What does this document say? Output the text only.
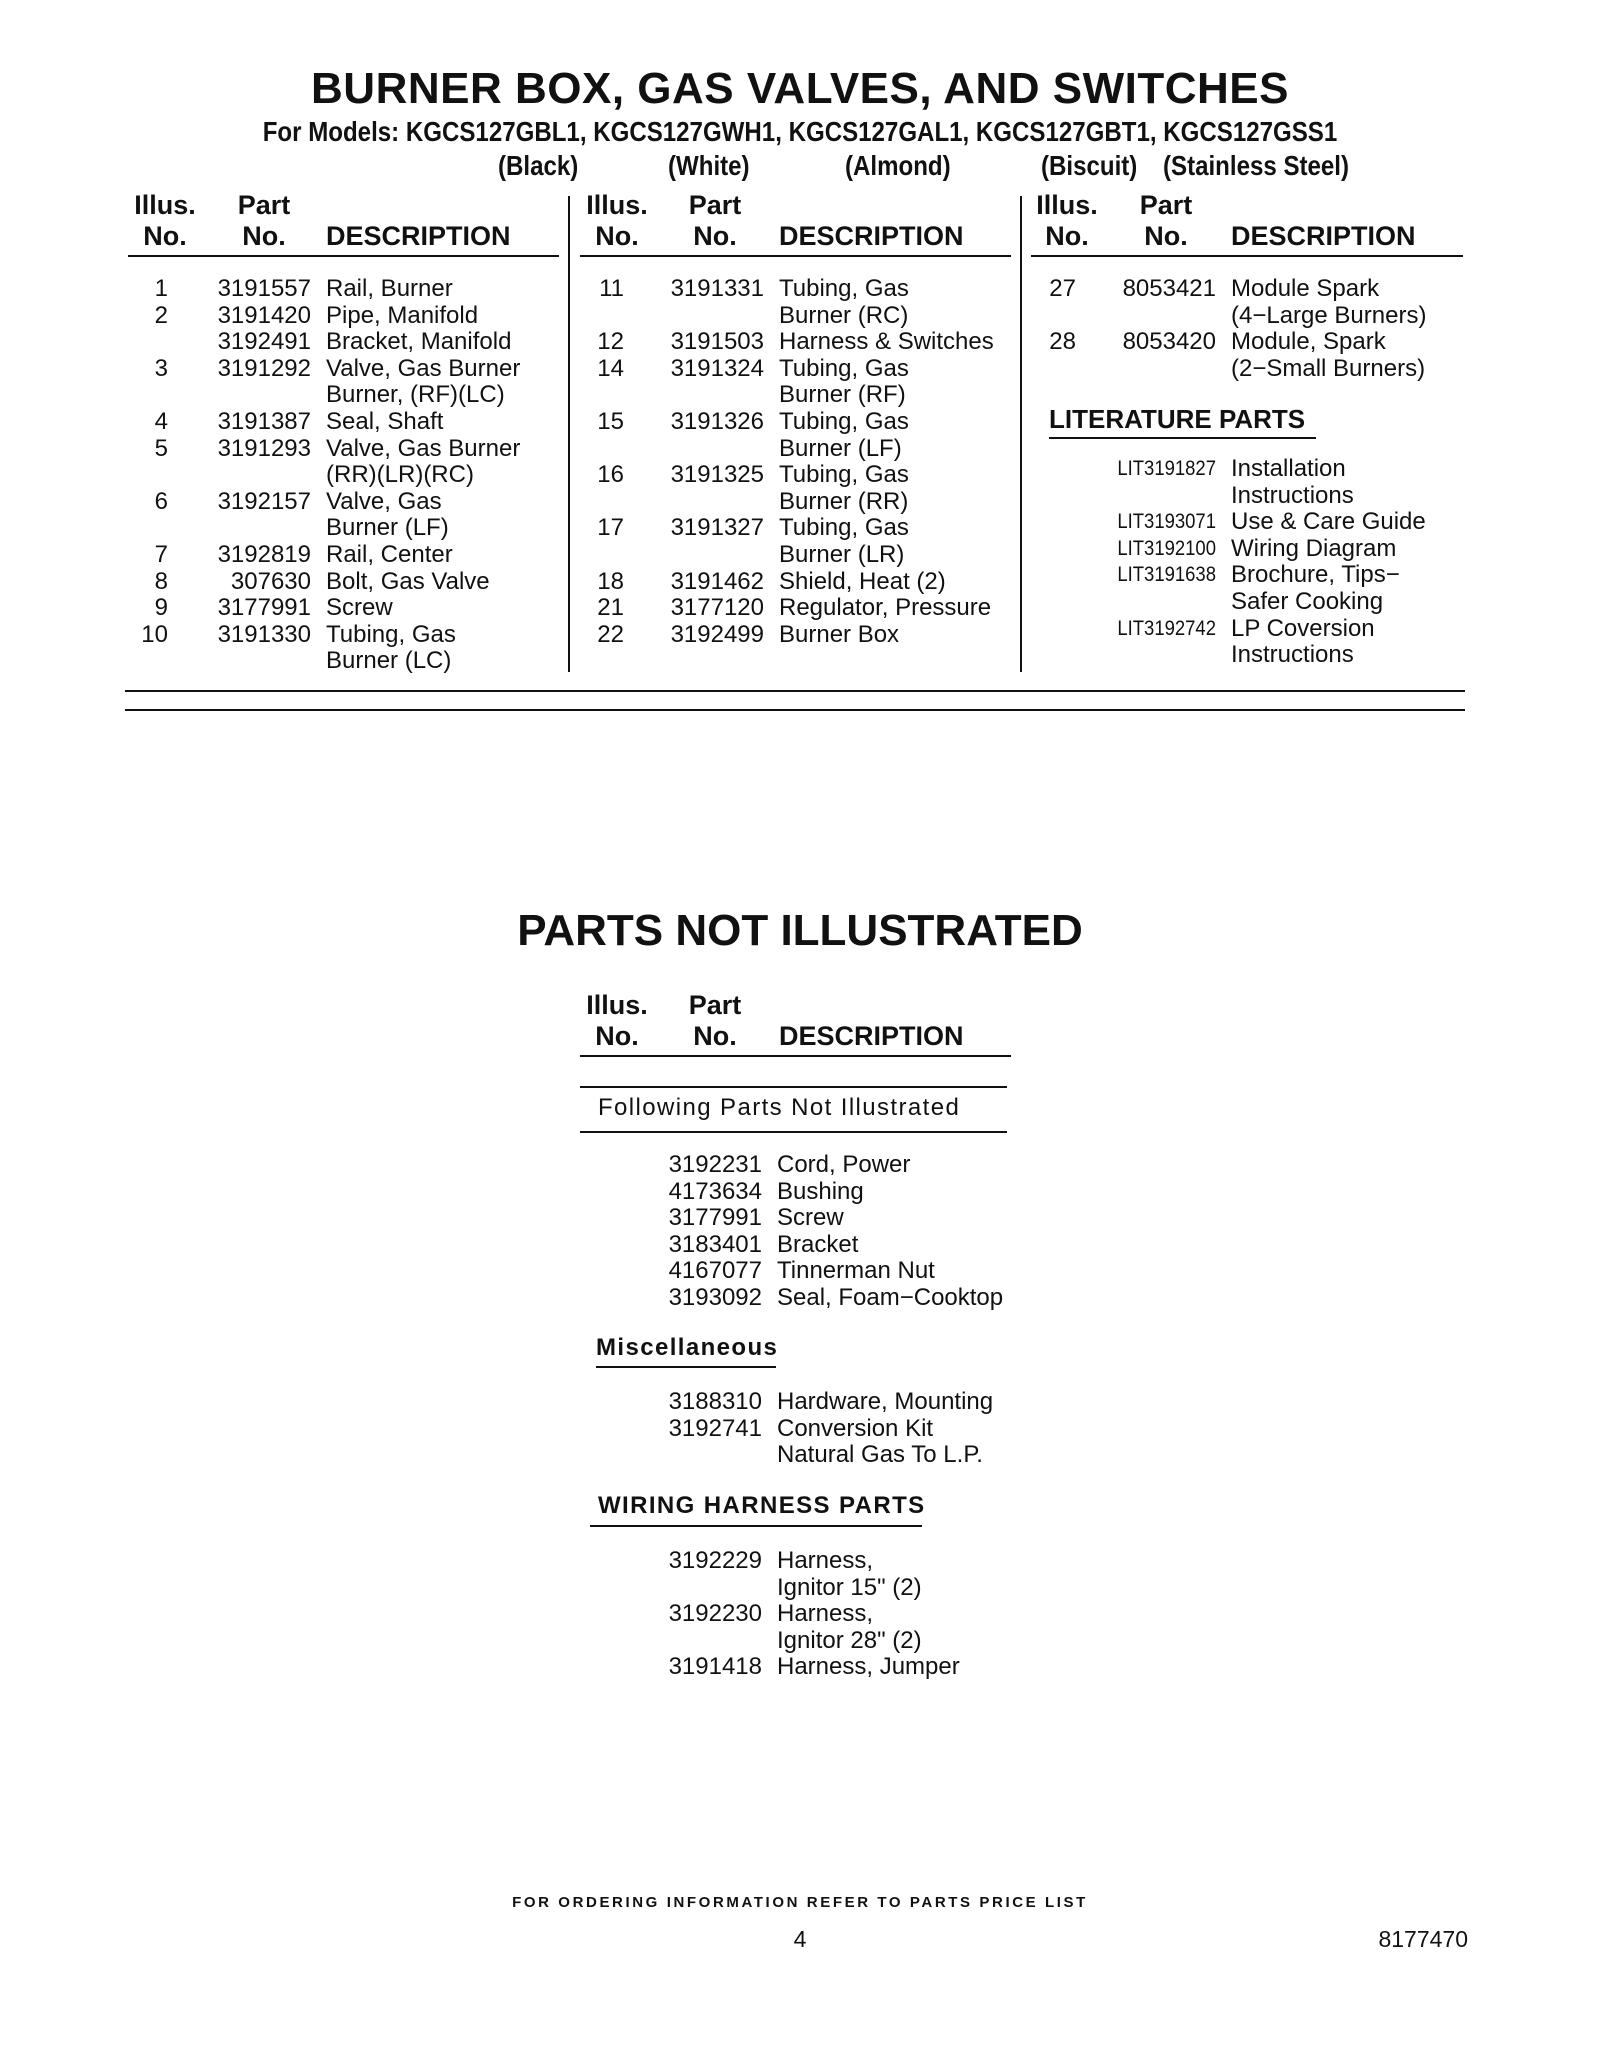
BURNER BOX, GAS VALVES, AND SWITCHES
For Models: KGCS127GBL1, KGCS127GWH1, KGCS127GAL1, KGCS127GBT1, KGCS127GSS1
(Black)	(White)	(Almond)	(Biscuit) (Stainless Steel)
Illus.
No.
Part
No.	DESCRIPTION
Illus.
No.
Part
No.	DESCRIPTION
Illus.
No.
Part
No.	DESCRIPTION
1 3191557 Rail, Burner
2 3191420 Pipe, Manifold
3192491 Bracket, Manifold
3 3191292 Valve, Gas Burner
Burner, (RF)(LC)
4 3191387 Seal, Shaft
5 3191293 Valve, Gas Burner
(RR)(LR)(RC)
6 3192157 Valve, Gas
Burner (LF)
7 3192819 Rail, Center
8	307630 Bolt, Gas Valve
9 3177991 Screw
10 3191330 Tubing, Gas
Burner (LC)
11 3191331 Tubing, Gas
Burner (RC)
12 3191503 Harness & Switches
14 3191324 Tubing, Gas
Burner (RF)
15 3191326 Tubing, Gas
Burner (LF)
16 3191325 Tubing, Gas
Burner (RR)
17 3191327 Tubing, Gas
Burner (LR)
18 3191462 Shield, Heat (2)
21 3177120 Regulator, Pressure
22 3192499 Burner Box
27 8053421 Module Spark
(4−Large Burners)
28 8053420 Module, Spark
(2−Small Burners)
LITERATURE PARTS
LIT3191827 Installation
Instructions
LIT3193071 Use & Care Guide
LIT3192100 Wiring Diagram
LIT3191638 Brochure, Tips−
Safer Cooking
LIT3192742 LP Coversion
Instructions
PARTS NOT ILLUSTRATED
Illus.
No.
Part
No.	DESCRIPTION
Following Parts Not Illustrated
3192231 Cord, Power
4173634 Bushing
3177991 Screw
3183401 Bracket
4167077 Tinnerman Nut
3193092 Seal, Foam−Cooktop
Miscellaneous
3188310 Hardware, Mounting
3192741 Conversion Kit
Natural Gas To L.P.
WIRING HARNESS PARTS
3192229 Harness,
Ignitor 15" (2)
3192230 Harness,
Ignitor 28" (2)
3191418 Harness, Jumper
FOR ORDERING INFORMATION REFER TO PARTS PRICE LIST
4	8177470
